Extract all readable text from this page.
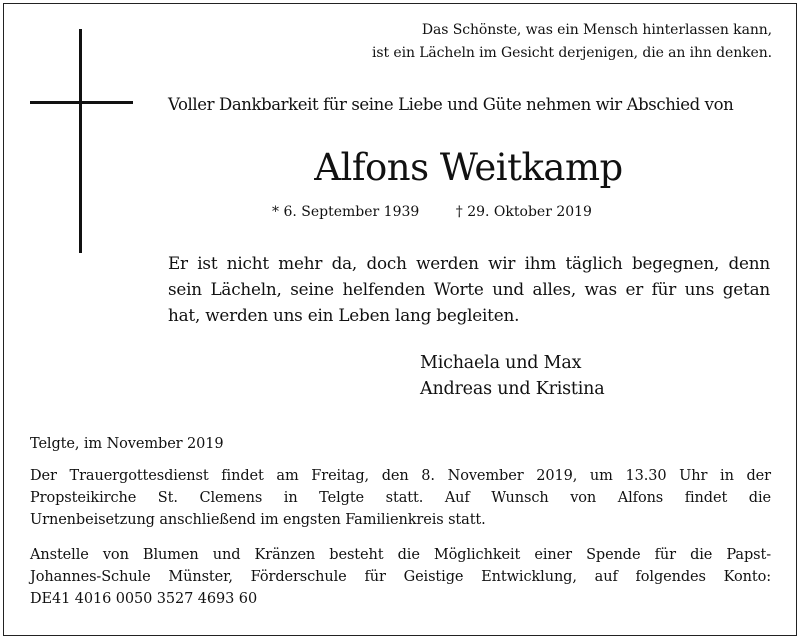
Das Schönste, was ein Mensch hinterlassen kann,
ist ein Lächeln im Gesicht derjenigen, die an ihn denken.
Voller Dankbarkeit für seine Liebe und Güte nehmen wir Abschied von
Alfons Weitkamp
* 6. September 1939	† 29. Oktober 2019
Er ist nicht mehr da, doch werden wir ihm täglich begegnen, denn
sein Lächeln, seine helfenden Worte und alles, was er für uns getan
hat, werden uns ein Leben lang begleiten.
Michaela und Max
Andreas und Kristina
Telgte, im November 2019
Der Trauergottesdienst findet am Freitag, den 8. November 2019, um 13.30 Uhr in der
Propsteikirche St. Clemens in Telgte statt. Auf Wunsch von Alfons findet die
Urnenbeisetzung anschließend im engsten Familienkreis statt.
Anstelle von Blumen und Kränzen besteht die Möglichkeit einer Spende für die Papst-
Johannes-Schule Münster, Förderschule für Geistige Entwicklung, auf folgendes Konto:
DE41 4016 0050 3527 4693 60
